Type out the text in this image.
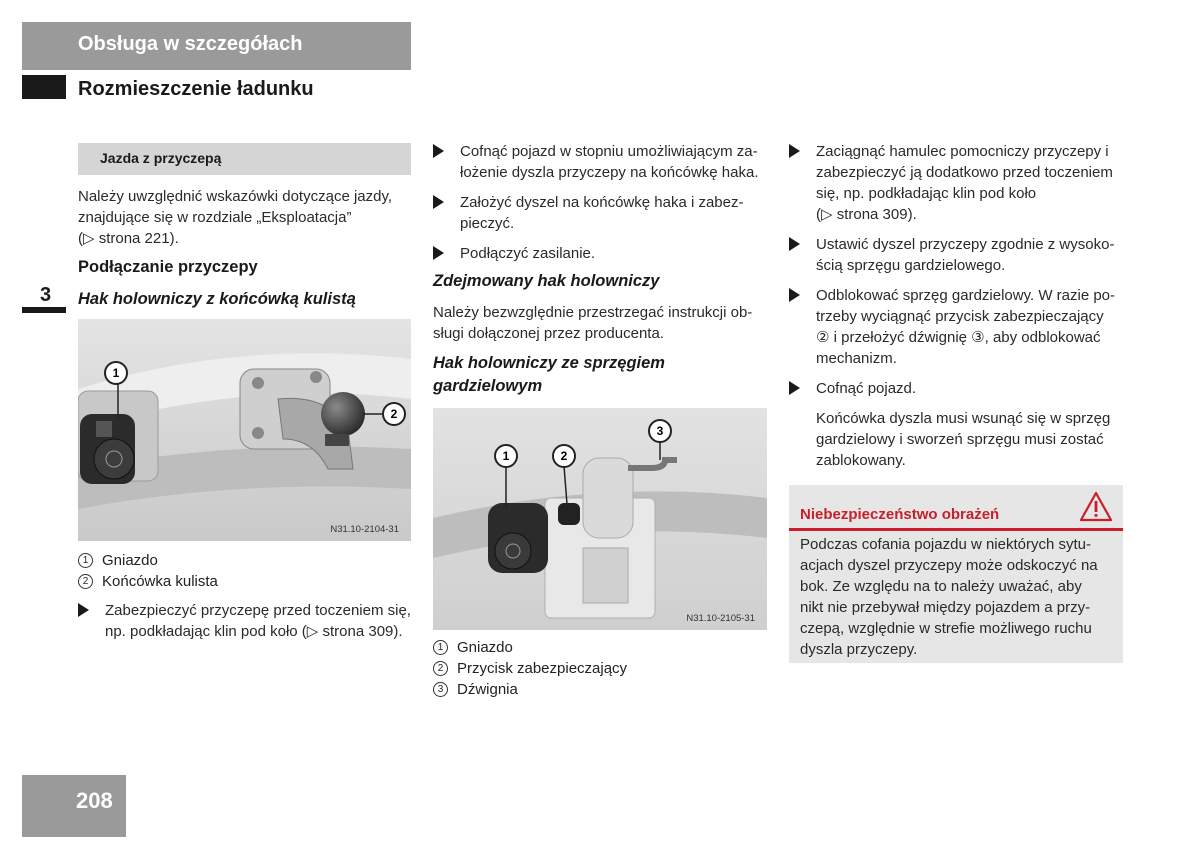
Obsługa w szczegółach
Rozmieszczenie ładunku
3
Jazda z przyczepą
Należy uwzględnić wskazówki dotyczące jazdy,
znajdujące się w rozdziale „Eksploatacja”
(▷ strona 221).
Podłączanie przyczepy
Hak holowniczy z końcówką kulistą
1
2
N31.10-2104-31
1 Gniazdo
2 Końcówka kulista
Zabezpieczyć przyczepę przed toczeniem się,
np. podkładając klin pod koło (▷ strona 309).
Cofnąć pojazd w stopniu umożliwiającym za-
łożenie dyszla przyczepy na końcówkę haka.
Założyć dyszel na końcówkę haka i zabez-
pieczyć.
Podłączyć zasilanie.
Zdejmowany hak holowniczy
Należy bezwzględnie przestrzegać instrukcji ob-
sługi dołączonej przez producenta.
Hak holowniczy ze sprzęgiem
gardzielowym
1	2
3
N31.10-2105-31
1 Gniazdo
2 Przycisk zabezpieczający
3 Dźwignia
Zaciągnąć hamulec pomocniczy przyczepy i
zabezpieczyć ją dodatkowo przed toczeniem
się, np. podkładając klin pod koło
(▷ strona 309).
Ustawić dyszel przyczepy zgodnie z wysoko-
ścią sprzęgu gardzielowego.
Odblokować sprzęg gardzielowy. W razie po-
trzeby wyciągnąć przycisk zabezpieczający
② i przełożyć dźwignię ③, aby odblokować
mechanizm.
Cofnąć pojazd.
Końcówka dyszla musi wsunąć się w sprzęg
gardzielowy i sworzeń sprzęgu musi zostać
zablokowany.
Niebezpieczeństwo obrażeń
Podczas cofania pojazdu w niektórych sytu-
acjach dyszel przyczepy może odskoczyć na
bok. Ze względu na to należy uważać, aby
nikt nie przebywał między pojazdem a przy-
czepą, względnie w strefie możliwego ruchu
dyszla przyczepy.
208
